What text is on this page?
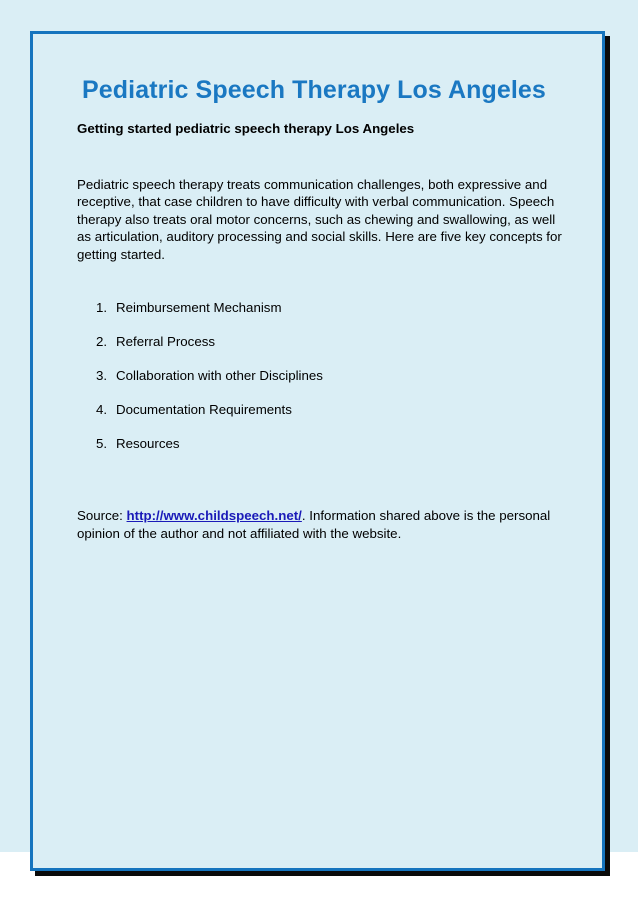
Pediatric Speech Therapy Los Angeles

Getting started pediatric speech therapy Los Angeles

Pediatric speech therapy treats communication challenges, both expressive and receptive, that case children to have difficulty with verbal communication. Speech therapy also treats oral motor concerns, such as chewing and swallowing, as well as articulation, auditory processing and social skills. Here are five key concepts for getting started.

1. Reimbursement Mechanism
2. Referral Process
3. Collaboration with other Disciplines
4. Documentation Requirements
5. Resources

Source: http://www.childspeech.net/. Information shared above is the personal opinion of the author and not affiliated with the website.
